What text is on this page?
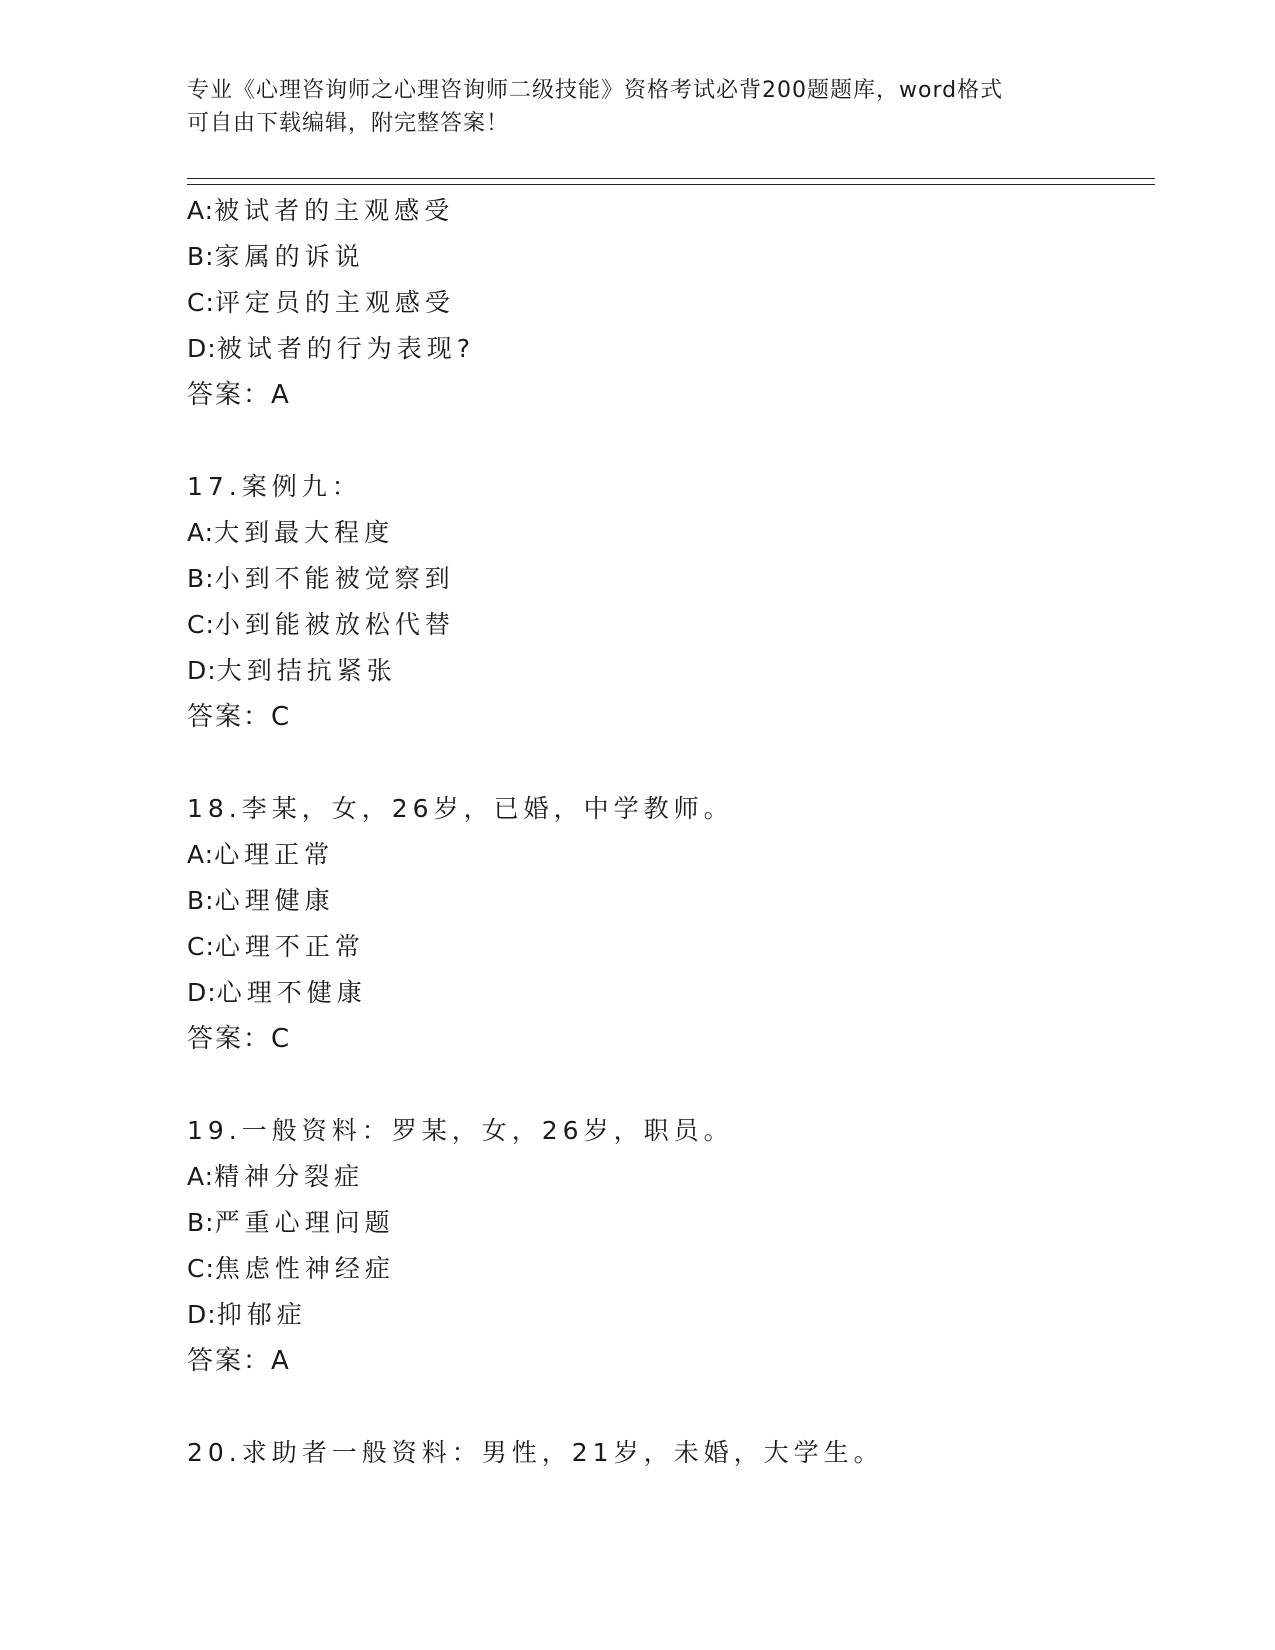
专业《心理咨询师之心理咨询师二级技能》资格考试必背200题题库，word格式
可自由下载编辑，附完整答案！
A:被试者的主观感受
B:家属的诉说
C:评定员的主观感受
D:被试者的行为表现?
答案：A
17.案例九：
A:大到最大程度
B:小到不能被觉察到
C:小到能被放松代替
D:大到拮抗紧张
答案：C
18.李某，女，26岁，已婚，中学教师。
A:心理正常
B:心理健康
C:心理不正常
D:心理不健康
答案：C
19.一般资料：罗某，女，26岁，职员。
A:精神分裂症
B:严重心理问题
C:焦虑性神经症
D:抑郁症
答案：A
20.求助者一般资料：男性，21岁，未婚，大学生。
